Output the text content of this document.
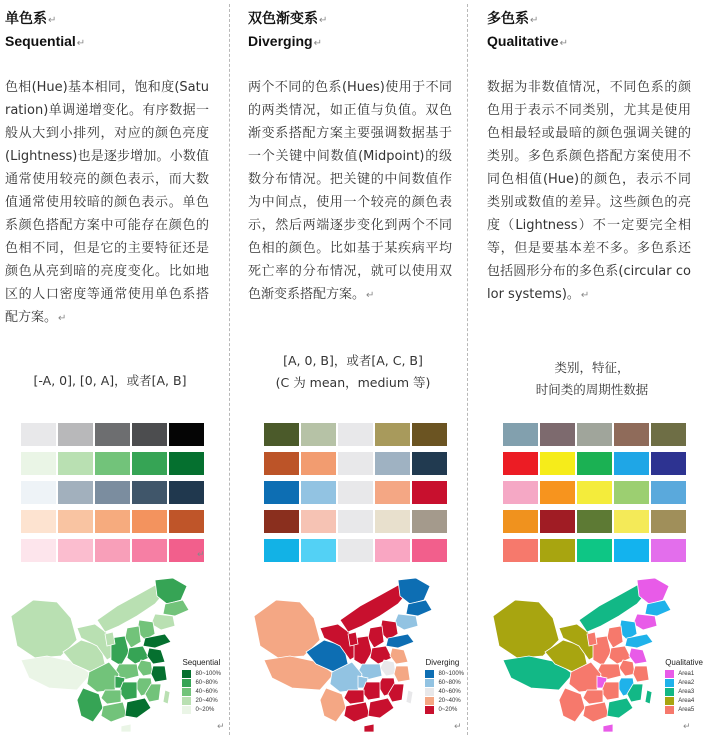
单色系↵
Sequential↵
色相(Hue)基本相同，饱和度(Saturation)单调递增变化。有序数据一般从大到小排列，对应的颜色亮度(Lightness)也是逐步增加。小数值通常使用较亮的颜色表示，而大数值通常使用较暗的颜色表示。单色系颜色搭配方案中可能存在颜色的色相不同，但是它的主要特征还是颜色从亮到暗的亮度变化。比如地区的人口密度等通常使用单色系搭配方案。↵
[-A, 0], [0, A]，或者[A, B]
Sequential
80~100%
60~80%
40~60%
20~40%
0~20%
↵
↵
双色渐变系↵
Diverging↵
两个不同的色系(Hues)使用于不同的两类情况，如正值与负值。双色渐变系搭配方案主要强调数据基于一个关键中间数值(Midpoint)的级数分布情况。把关键的中间数值作为中间点，使用一个较亮的颜色表示，然后两端逐步变化到两个不同色相的颜色。比如基于某疾病平均死亡率的分布情况，就可以使用双色渐变系搭配方案。↵
[A, 0, B]，或者[A, C, B]
(C 为 mean，medium 等)
Diverging
80~100%
60~80%
40~60%
20~40%
0~20%
↵
多色系↵
Qualitative↵
数据为非数值情况，不同色系的颜色用于表示不同类别，尤其是使用色相最轻或最暗的颜色强调关键的类别。多色系颜色搭配方案使用不同色相值(Hue)的颜色，表示不同类别或数值的差异。这些颜色的亮度（Lightness）不一定要完全相等，但是要基本差不多。多色系还包括圆形分布的多色系(circular color systems)。↵
类别，特征，
时间类的周期性数据
Qualitative
Area1
Area2
Area3
Area4
Area5
↵
